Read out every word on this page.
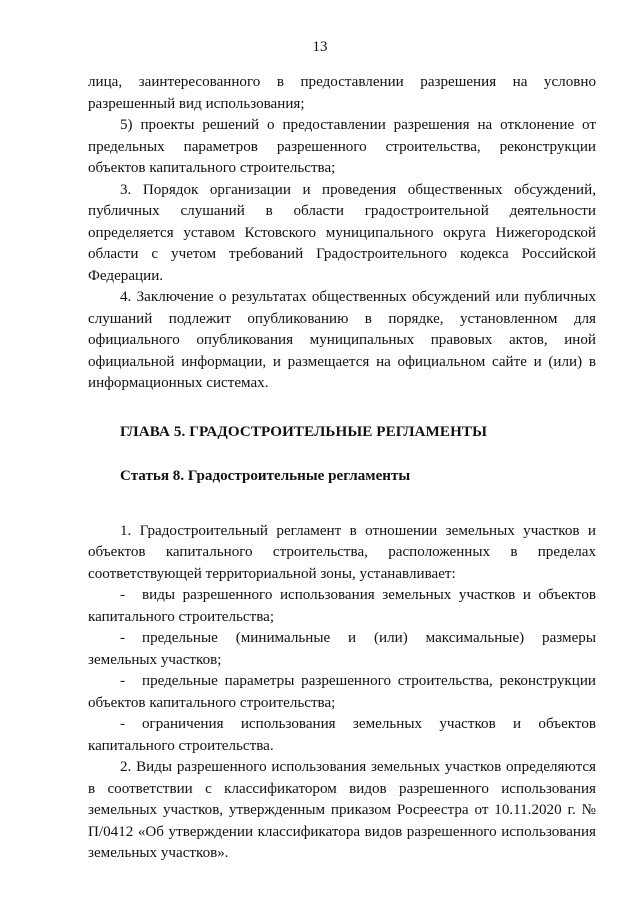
13

лица, заинтересованного в предоставлении разрешения на условно разрешенный вид использования;

5) проекты решений о предоставлении разрешения на отклонение от предельных параметров разрешенного строительства, реконструкции объектов капитального строительства;

3. Порядок организации и проведения общественных обсуждений, публичных слушаний в области градостроительной деятельности определяется уставом Кстовского муниципального округа Нижегородской области с учетом требований Градостроительного кодекса Российской Федерации.

4. Заключение о результатах общественных обсуждений или публичных слушаний подлежит опубликованию в порядке, установленном для официального опубликования муниципальных правовых актов, иной официальной информации, и размещается на официальном сайте и (или) в информационных системах.

ГЛАВА 5. ГРАДОСТРОИТЕЛЬНЫЕ РЕГЛАМЕНТЫ
Статья 8. Градостроительные регламенты

1. Градостроительный регламент в отношении земельных участков и объектов капитального строительства, расположенных в пределах соответствующей территориальной зоны, устанавливает:

- виды разрешенного использования земельных участков и объектов капитального строительства;

- предельные (минимальные и (или) максимальные) размеры земельных участков;

- предельные параметры разрешенного строительства, реконструкции объектов капитального строительства;

- ограничения использования земельных участков и объектов капитального строительства.

2. Виды разрешенного использования земельных участков определяются в соответствии с классификатором видов разрешенного использования земельных участков, утвержденным приказом Росреестра от 10.11.2020 г. № П/0412 «Об утверждении классификатора видов разрешенного использования земельных участков».
